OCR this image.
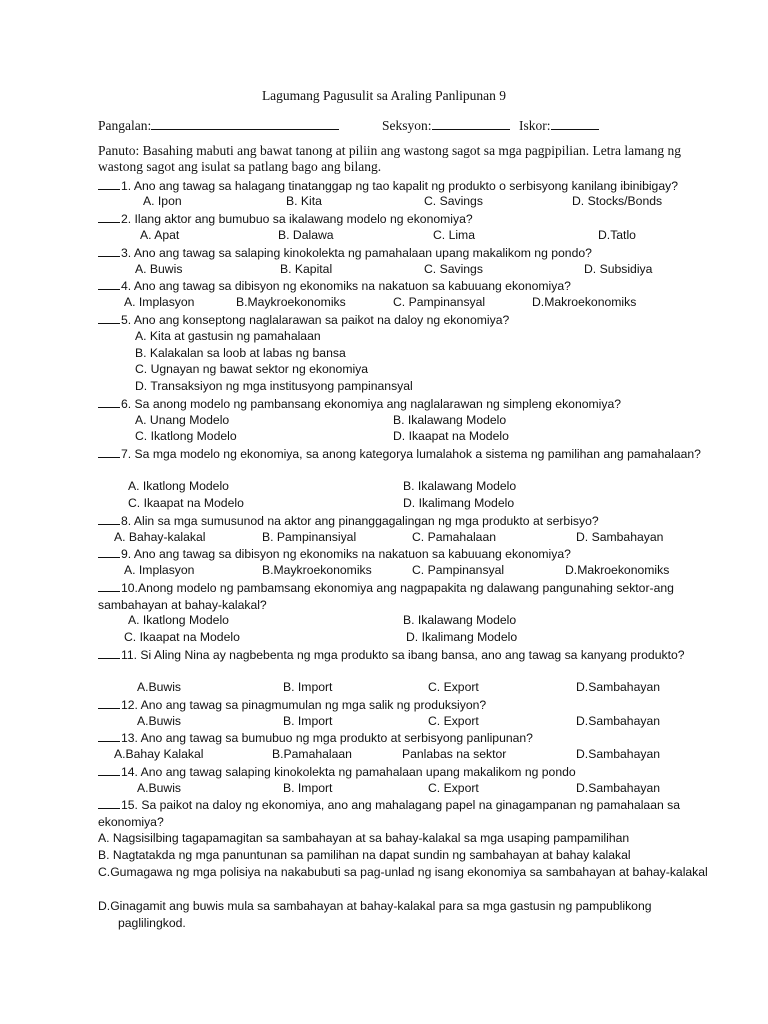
Lagumang Pagusulit sa Araling Panlipunan 9
Pangalan:	Seksyon:	Iskor:
Panuto: Basahing mabuti ang bawat tanong at piliin ang wastong sagot sa mga pagpipilian. Letra lamang ng wastong sagot ang isulat sa patlang bago ang bilang.
1. Ano ang tawag sa halagang tinatanggap ng tao kapalit ng produkto o serbisyong kanilang ibinibigay?
A. Ipon	B. Kita	C. Savings	D. Stocks/Bonds
2. Ilang aktor ang bumubuo sa ikalawang modelo ng ekonomiya?
A. Apat	B. Dalawa	C. Lima	D.Tatlo
3. Ano ang tawag sa salaping kinokolekta ng pamahalaan upang makalikom ng pondo?
A. Buwis	B. Kapital	C. Savings	D. Subsidiya
4. Ano ang tawag sa dibisyon ng ekonomiks na nakatuon sa kabuuang ekonomiya?
A. Implasyon	B.Maykroekonomiks	C. Pampinansyal	D.Makroekonomiks
5. Ano ang konseptong naglalarawan sa paikot na daloy ng ekonomiya?
A. Kita at gastusin ng pamahalaan
B. Kalakalan sa loob at labas ng bansa
C. Ugnayan ng bawat sektor ng ekonomiya
D. Transaksiyon ng mga institusyong pampinansyal
6. Sa anong modelo ng pambansang ekonomiya ang naglalarawan ng simpleng ekonomiya?
A. Unang Modelo	B. Ikalawang Modelo
C. Ikatlong Modelo	D. Ikaapat na Modelo
7. Sa mga modelo ng ekonomiya, sa anong kategorya lumalahok a sistema ng pamilihan ang pamahalaan?
A. Ikatlong Modelo	B. Ikalawang Modelo
C. Ikaapat na Modelo	D. Ikalimang Modelo
8. Alin sa mga sumusunod na aktor ang pinanggagalingan ng mga produkto at serbisyo?
A. Bahay-kalakal	B. Pampinansiyal	C. Pamahalaan	D. Sambahayan
9. Ano ang tawag sa dibisyon ng ekonomiks na nakatuon sa kabuuang ekonomiya?
A. Implasyon	B.Maykroekonomiks	C. Pampinansyal	D.Makroekonomiks
10.Anong modelo ng pambamsang ekonomiya ang nagpapakita ng dalawang pangunahing sektor-ang sambahayan at bahay-kalakal?
A. Ikatlong Modelo	B. Ikalawang Modelo
C. Ikaapat na Modelo	D. Ikalimang Modelo
11. Si Aling Nina ay nagbebenta ng mga produkto sa ibang bansa, ano ang tawag sa kanyang produkto?
A.Buwis	B. Import	C. Export	D.Sambahayan
12. Ano ang tawag sa pinagmumulan ng mga salik ng produksiyon?
A.Buwis	B. Import	C. Export	D.Sambahayan
13. Ano ang tawag sa bumubuo ng mga produkto at serbisyong panlipunan?
A.Bahay Kalakal	B.Pamahalaan	Panlabas na sektor	D.Sambahayan
14. Ano ang tawag salaping kinokolekta ng pamahalaan upang makalikom ng pondo
A.Buwis	B. Import	C. Export	D.Sambahayan
15. Sa paikot na daloy ng ekonomiya, ano ang mahalagang papel na ginagampanan ng pamahalaan sa ekonomiya?
A. Nagsisilbing tagapamagitan sa sambahayan at sa bahay-kalakal sa mga usaping pampamilihan
B. Nagtatakda ng mga panuntunan sa pamilihan na dapat sundin ng sambahayan at bahay kalakal
C.Gumagawa ng mga polisiya na nakabubuti sa pag-unlad ng isang ekonomiya sa sambahayan at bahay-kalakal
D.Ginagamit ang buwis mula sa sambahayan at bahay-kalakal para sa mga gastusin ng pampublikong paglilingkod.
